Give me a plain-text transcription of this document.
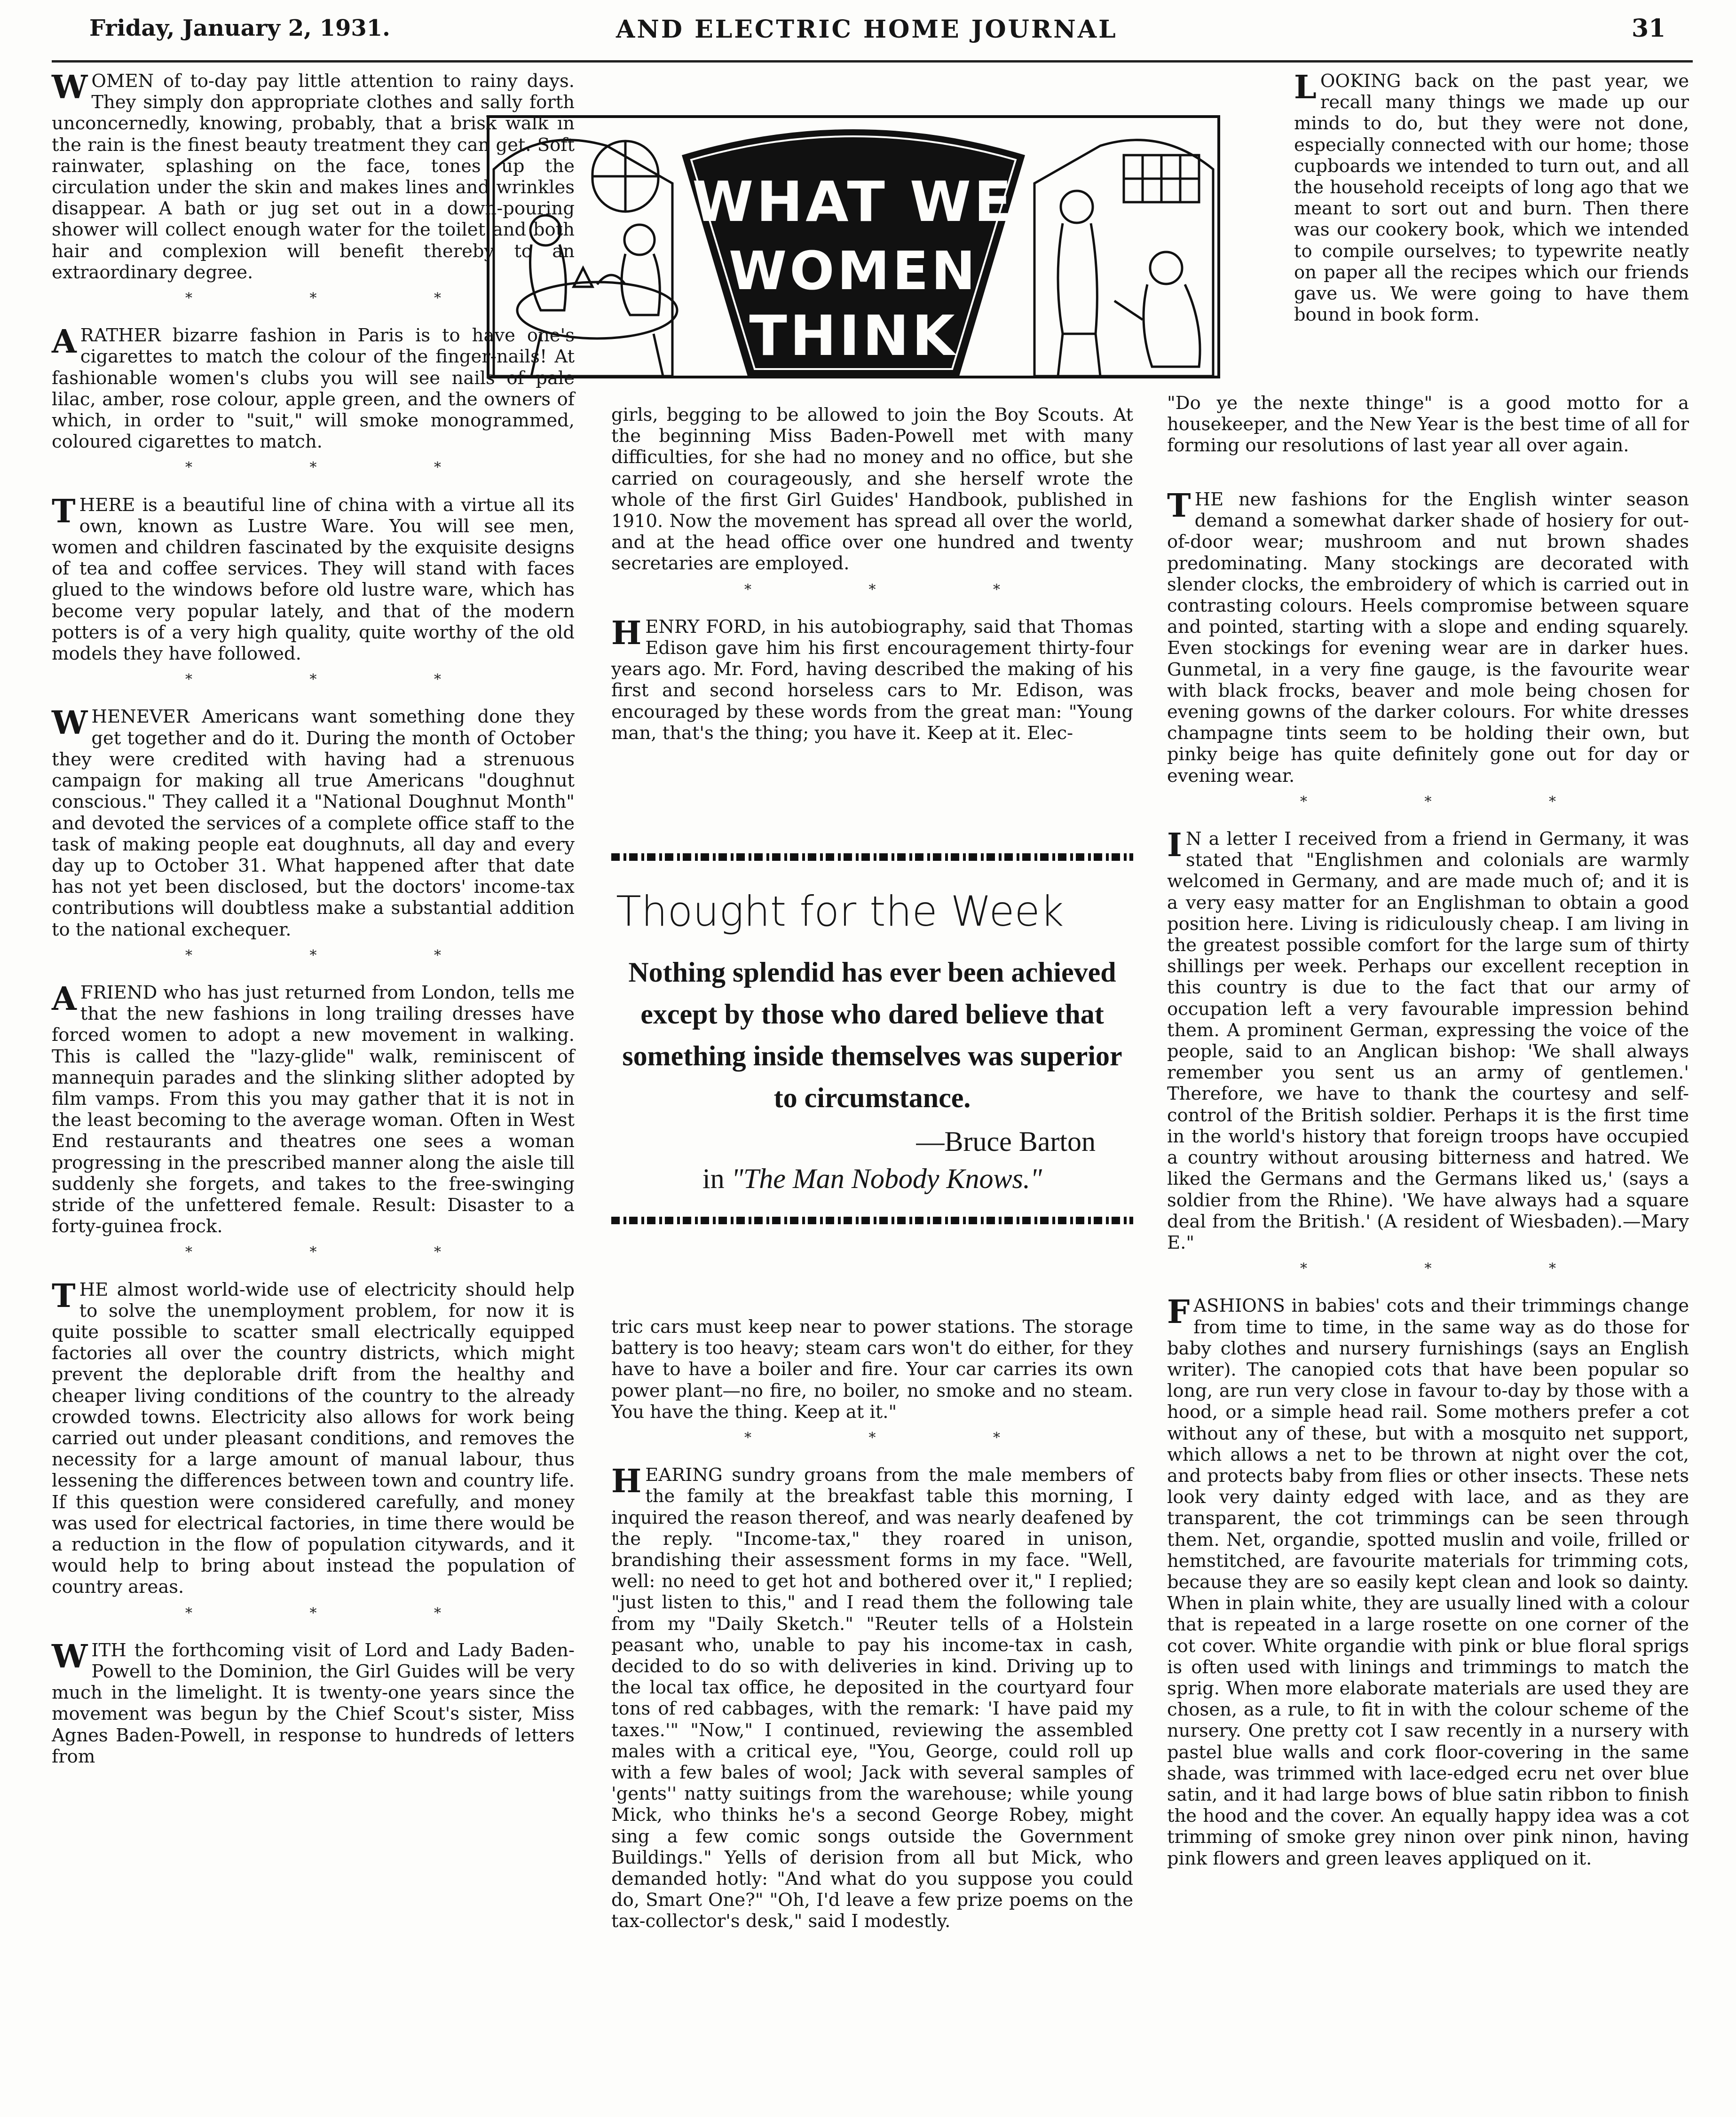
Friday, January 2, 1931.	AND ELECTRIC HOME JOURNAL	31
WHAT WE
WOMEN
THINK

WOMEN of to-day pay little attention to rainy days. They simply don appropriate clothes and sally forth unconcernedly, knowing, probably, that a brisk walk in the rain is the finest beauty treatment they can get. Soft rainwater, splashing on the face, tones up the circulation under the skin and makes lines and wrinkles disappear. A bath or jug set out in a down-pouring shower will collect enough water for the toilet and both hair and complexion will benefit thereby to an extraordinary degree.

* * *

A RATHER bizarre fashion in Paris is to have one's cigarettes to match the colour of the finger-nails! At fashionable women's clubs you will see nails of pale lilac, amber, rose colour, apple green, and the owners of which, in order to "suit," will smoke monogrammed, coloured cigarettes to match.

* * *

THERE is a beautiful line of china with a virtue all its own, known as Lustre Ware. You will see men, women and children fascinated by the exquisite designs of tea and coffee services. They will stand with faces glued to the windows before old lustre ware, which has become very popular lately, and that of the modern potters is of a very high quality, quite worthy of the old models they have followed.

* * *

WHENEVER Americans want something done they get together and do it. During the month of October they were credited with having had a strenuous campaign for making all true Americans "doughnut conscious." They called it a "National Doughnut Month" and devoted the services of a complete office staff to the task of making people eat doughnuts, all day and every day up to October 31. What happened after that date has not yet been disclosed, but the doctors' income-tax contributions will doubtless make a substantial addition to the national exchequer.

* * *

A FRIEND who has just returned from London, tells me that the new fashions in long trailing dresses have forced women to adopt a new movement in walking. This is called the "lazy-glide" walk, reminiscent of mannequin parades and the slinking slither adopted by film vamps. From this you may gather that it is not in the least becoming to the average woman. Often in West End restaurants and theatres one sees a woman progressing in the prescribed manner along the aisle till suddenly she forgets, and takes to the free-swinging stride of the unfettered female. Result: Disaster to a forty-guinea frock.

* * *

THE almost world-wide use of electricity should help to solve the unemployment problem, for now it is quite possible to scatter small electrically equipped factories all over the country districts, which might prevent the deplorable drift from the healthy and cheaper living conditions of the country to the already crowded towns. Electricity also allows for work being carried out under pleasant conditions, and removes the necessity for a large amount of manual labour, thus lessening the differences between town and country life. If this question were considered carefully, and money was used for electrical factories, in time there would be a reduction in the flow of population citywards, and it would help to bring about instead the population of country areas.

* * *

WITH the forthcoming visit of Lord and Lady Baden-Powell to the Dominion, the Girl Guides will be very much in the limelight. It is twenty-one years since the movement was begun by the Chief Scout's sister, Miss Agnes Baden-Powell, in response to hundreds of letters from

girls, begging to be allowed to join the Boy Scouts. At the beginning Miss Baden-Powell met with many difficulties, for she had no money and no office, but she carried on courageously, and she herself wrote the whole of the first Girl Guides' Handbook, published in 1910. Now the movement has spread all over the world, and at the head office over one hundred and twenty secretaries are employed.

* * *

HENRY FORD, in his autobiography, said that Thomas Edison gave him his first encouragement thirty-four years ago. Mr. Ford, having described the making of his first and second horseless cars to Mr. Edison, was encouraged by these words from the great man: "Young man, that's the thing; you have it. Keep at it. Elec-

Thought for the Week
Nothing splendid has ever been achieved except by those who dared believe that something inside themselves was superior to circumstance.
—Bruce Barton
in "The Man Nobody Knows."

tric cars must keep near to power stations. The storage battery is too heavy; steam cars won't do either, for they have to have a boiler and fire. Your car carries its own power plant—no fire, no boiler, no smoke and no steam. You have the thing. Keep at it."

* * *

HEARING sundry groans from the male members of the family at the breakfast table this morning, I inquired the reason thereof, and was nearly deafened by the reply. "Income-tax," they roared in unison, brandishing their assessment forms in my face. "Well, well: no need to get hot and bothered over it," I replied; "just listen to this," and I read them the following tale from my "Daily Sketch." "Reuter tells of a Holstein peasant who, unable to pay his income-tax in cash, decided to do so with deliveries in kind. Driving up to the local tax office, he deposited in the courtyard four tons of red cabbages, with the remark: 'I have paid my taxes.'" "Now," I continued, reviewing the assembled males with a critical eye, "You, George, could roll up with a few bales of wool; Jack with several samples of 'gents'' natty suitings from the warehouse; while young Mick, who thinks he's a second George Robey, might sing a few comic songs outside the Government Buildings." Yells of derision from all but Mick, who demanded hotly: "And what do you suppose you could do, Smart One?" "Oh, I'd leave a few prize poems on the tax-collector's desk," said I modestly.

LOOKING back on the past year, we recall many things we made up our minds to do, but they were not done, especially connected with our home; those cupboards we intended to turn out, and all the household receipts of long ago that we meant to sort out and burn. Then there was our cookery book, which we intended to compile ourselves; to typewrite neatly on paper all the recipes which our friends gave us. We were going to have them bound in book form.

"Do ye the nexte thinge" is a good motto for a housekeeper, and the New Year is the best time of all for forming our resolutions of last year all over again.

THE new fashions for the English winter season demand a somewhat darker shade of hosiery for out-of-door wear; mushroom and nut brown shades predominating. Many stockings are decorated with slender clocks, the embroidery of which is carried out in contrasting colours. Heels compromise between square and pointed, starting with a slope and ending squarely. Even stockings for evening wear are in darker hues. Gunmetal, in a very fine gauge, is the favourite wear with black frocks, beaver and mole being chosen for evening gowns of the darker colours. For white dresses champagne tints seem to be holding their own, but pinky beige has quite definitely gone out for day or evening wear.

* * *

I N a letter I received from a friend in Germany, it was stated that "Englishmen and colonials are warmly welcomed in Germany, and are made much of; and it is a very easy matter for an Englishman to obtain a good position here. Living is ridiculously cheap. I am living in the greatest possible comfort for the large sum of thirty shillings per week. Perhaps our excellent reception in this country is due to the fact that our army of occupation left a very favourable impression behind them. A prominent German, expressing the voice of the people, said to an Anglican bishop: 'We shall always remember you sent us an army of gentlemen.' Therefore, we have to thank the courtesy and self-control of the British soldier. Perhaps it is the first time in the world's history that foreign troops have occupied a country without arousing bitterness and hatred. We liked the Germans and the Germans liked us,' (says a soldier from the Rhine). 'We have always had a square deal from the British.' (A resident of Wiesbaden).—Mary E."

* * *

FASHIONS in babies' cots and their trimmings change from time to time, in the same way as do those for baby clothes and nursery furnishings (says an English writer). The canopied cots that have been popular so long, are run very close in favour to-day by those with a hood, or a simple head rail. Some mothers prefer a cot without any of these, but with a mosquito net support, which allows a net to be thrown at night over the cot, and protects baby from flies or other insects. These nets look very dainty edged with lace, and as they are transparent, the cot trimmings can be seen through them. Net, organdie, spotted muslin and voile, frilled or hemstitched, are favourite materials for trimming cots, because they are so easily kept clean and look so dainty. When in plain white, they are usually lined with a colour that is repeated in a large rosette on one corner of the cot cover. White organdie with pink or blue floral sprigs is often used with linings and trimmings to match the sprig. When more elaborate materials are used they are chosen, as a rule, to fit in with the colour scheme of the nursery. One pretty cot I saw recently in a nursery with pastel blue walls and cork floor-covering in the same shade, was trimmed with lace-edged ecru net over blue satin, and it had large bows of blue satin ribbon to finish the hood and the cover. An equally happy idea was a cot trimming of smoke grey ninon over pink ninon, having pink flowers and green leaves appliqued on it.
